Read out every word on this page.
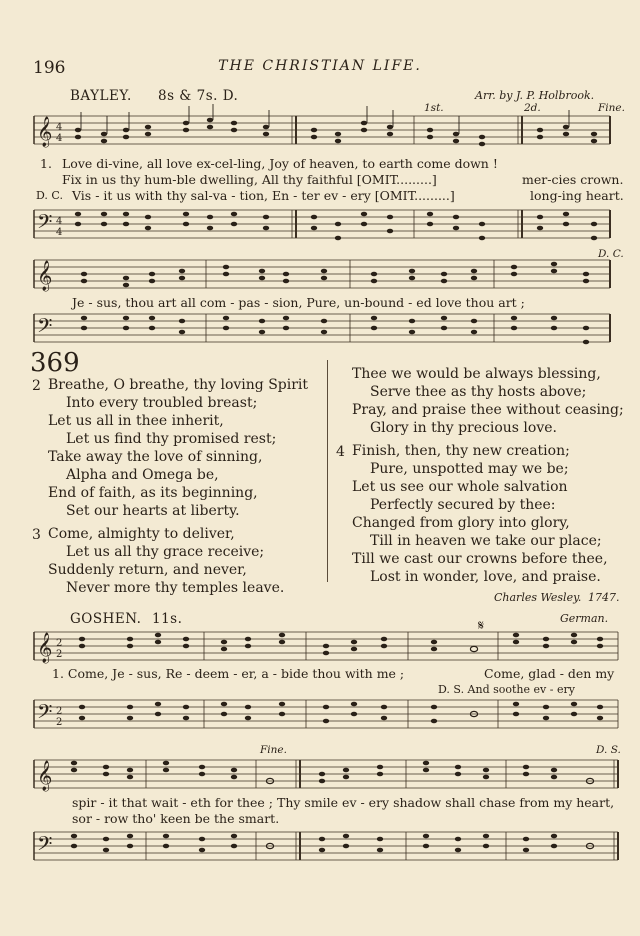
196	THE CHRISTIAN LIFE.
BAYLEY. 8s & 7s. D.	Arr. by J. P. Holbrook.
1st.	2d.	Fine.
𝄞 4
4
1. Love di-vine, all love ex-cel-ling, Joy of heaven, to earth come down !
Fix in us thy hum-ble dwelling, All thy faithful [OMIT.........]	mer-cies crown.
D. C. Vis - it us with thy sal-va - tion, En - ter ev - ery [OMIT.........]	long-ing heart.
𝄢 4
4
D. C.
𝄞
Je - sus, thou art all com - pas - sion, Pure, un-bound - ed love thou art ;
𝄢
369
2 Breathe, O breathe, thy loving Spirit
Into every troubled breast;
Let us all in thee inherit,
Let us find thy promised rest;
Take away the love of sinning,
Alpha and Omega be,
End of faith, as its beginning,
Set our hearts at liberty.
3 Come, almighty to deliver,
Let us all thy grace receive;
Suddenly return, and never,
Never more thy temples leave.
Thee we would be always blessing,
Serve thee as thy hosts above;
Pray, and praise thee without ceasing;
Glory in thy precious love.
4 Finish, then, thy new creation;
Pure, unspotted may we be;
Let us see our whole salvation
Perfectly secured by thee:
Changed from glory into glory,
Till in heaven we take our place;
Till we cast our crowns before thee,
Lost in wonder, love, and praise.
Charles Wesley. 1747.
GOSHEN. 11s.	German.
𝄋
𝄞 2
2
1. Come, Je - sus, Re - deem - er, a - bide thou with me ;	Come, glad - den my
D. S. And soothe ev - ery
𝄢 2
2
Fine.	D. S.
𝄞
spir - it that wait - eth for thee ; Thy smile ev - ery shadow shall chase from my heart,
sor - row tho' keen be the smart.
𝄢
